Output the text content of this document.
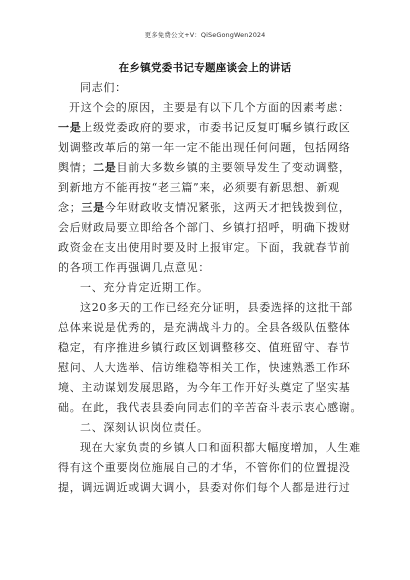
更多免费公文+V：QiSeGongWen2024
在乡镇党委书记专题座谈会上的讲话
同志们：
开这个会的原因，主要是有以下几个方面的因素考虑：
一是上级党委政府的要求，市委书记反复叮嘱乡镇行政区
划调整改革后的第一年一定不能出现任何问题，包括网络
舆情；二是目前大多数乡镇的主要领导发生了变动调整，
到新地方不能再按“老三篇”来，必须要有新思想、新观
念；三是今年财政收支情况紧张，这两天才把钱拨到位，
会后财政局要立即给各个部门、乡镇打招呼，明确下拨财
政资金在支出使用时要及时上报审定。下面，我就春节前
的各项工作再强调几点意见：
一、充分肯定近期工作。
这20多天的工作已经充分证明，县委选择的这批干部
总体来说是优秀的，是充满战斗力的。全县各级队伍整体
稳定，有序推进乡镇行政区划调整移交、值班留守、春节
慰问、人大选举、信访维稳等相关工作，快速熟悉工作环
境、主动谋划发展思路，为今年工作开好头奠定了坚实基
础。在此，我代表县委向同志们的辛苦奋斗表示衷心感谢。
二、深刻认识岗位责任。
现在大家负责的乡镇人口和面积都大幅度增加，人生难
得有这个重要岗位施展自己的才华，不管你们的位置提没
提，调远调近或调大调小，县委对你们每个人都是进行过
